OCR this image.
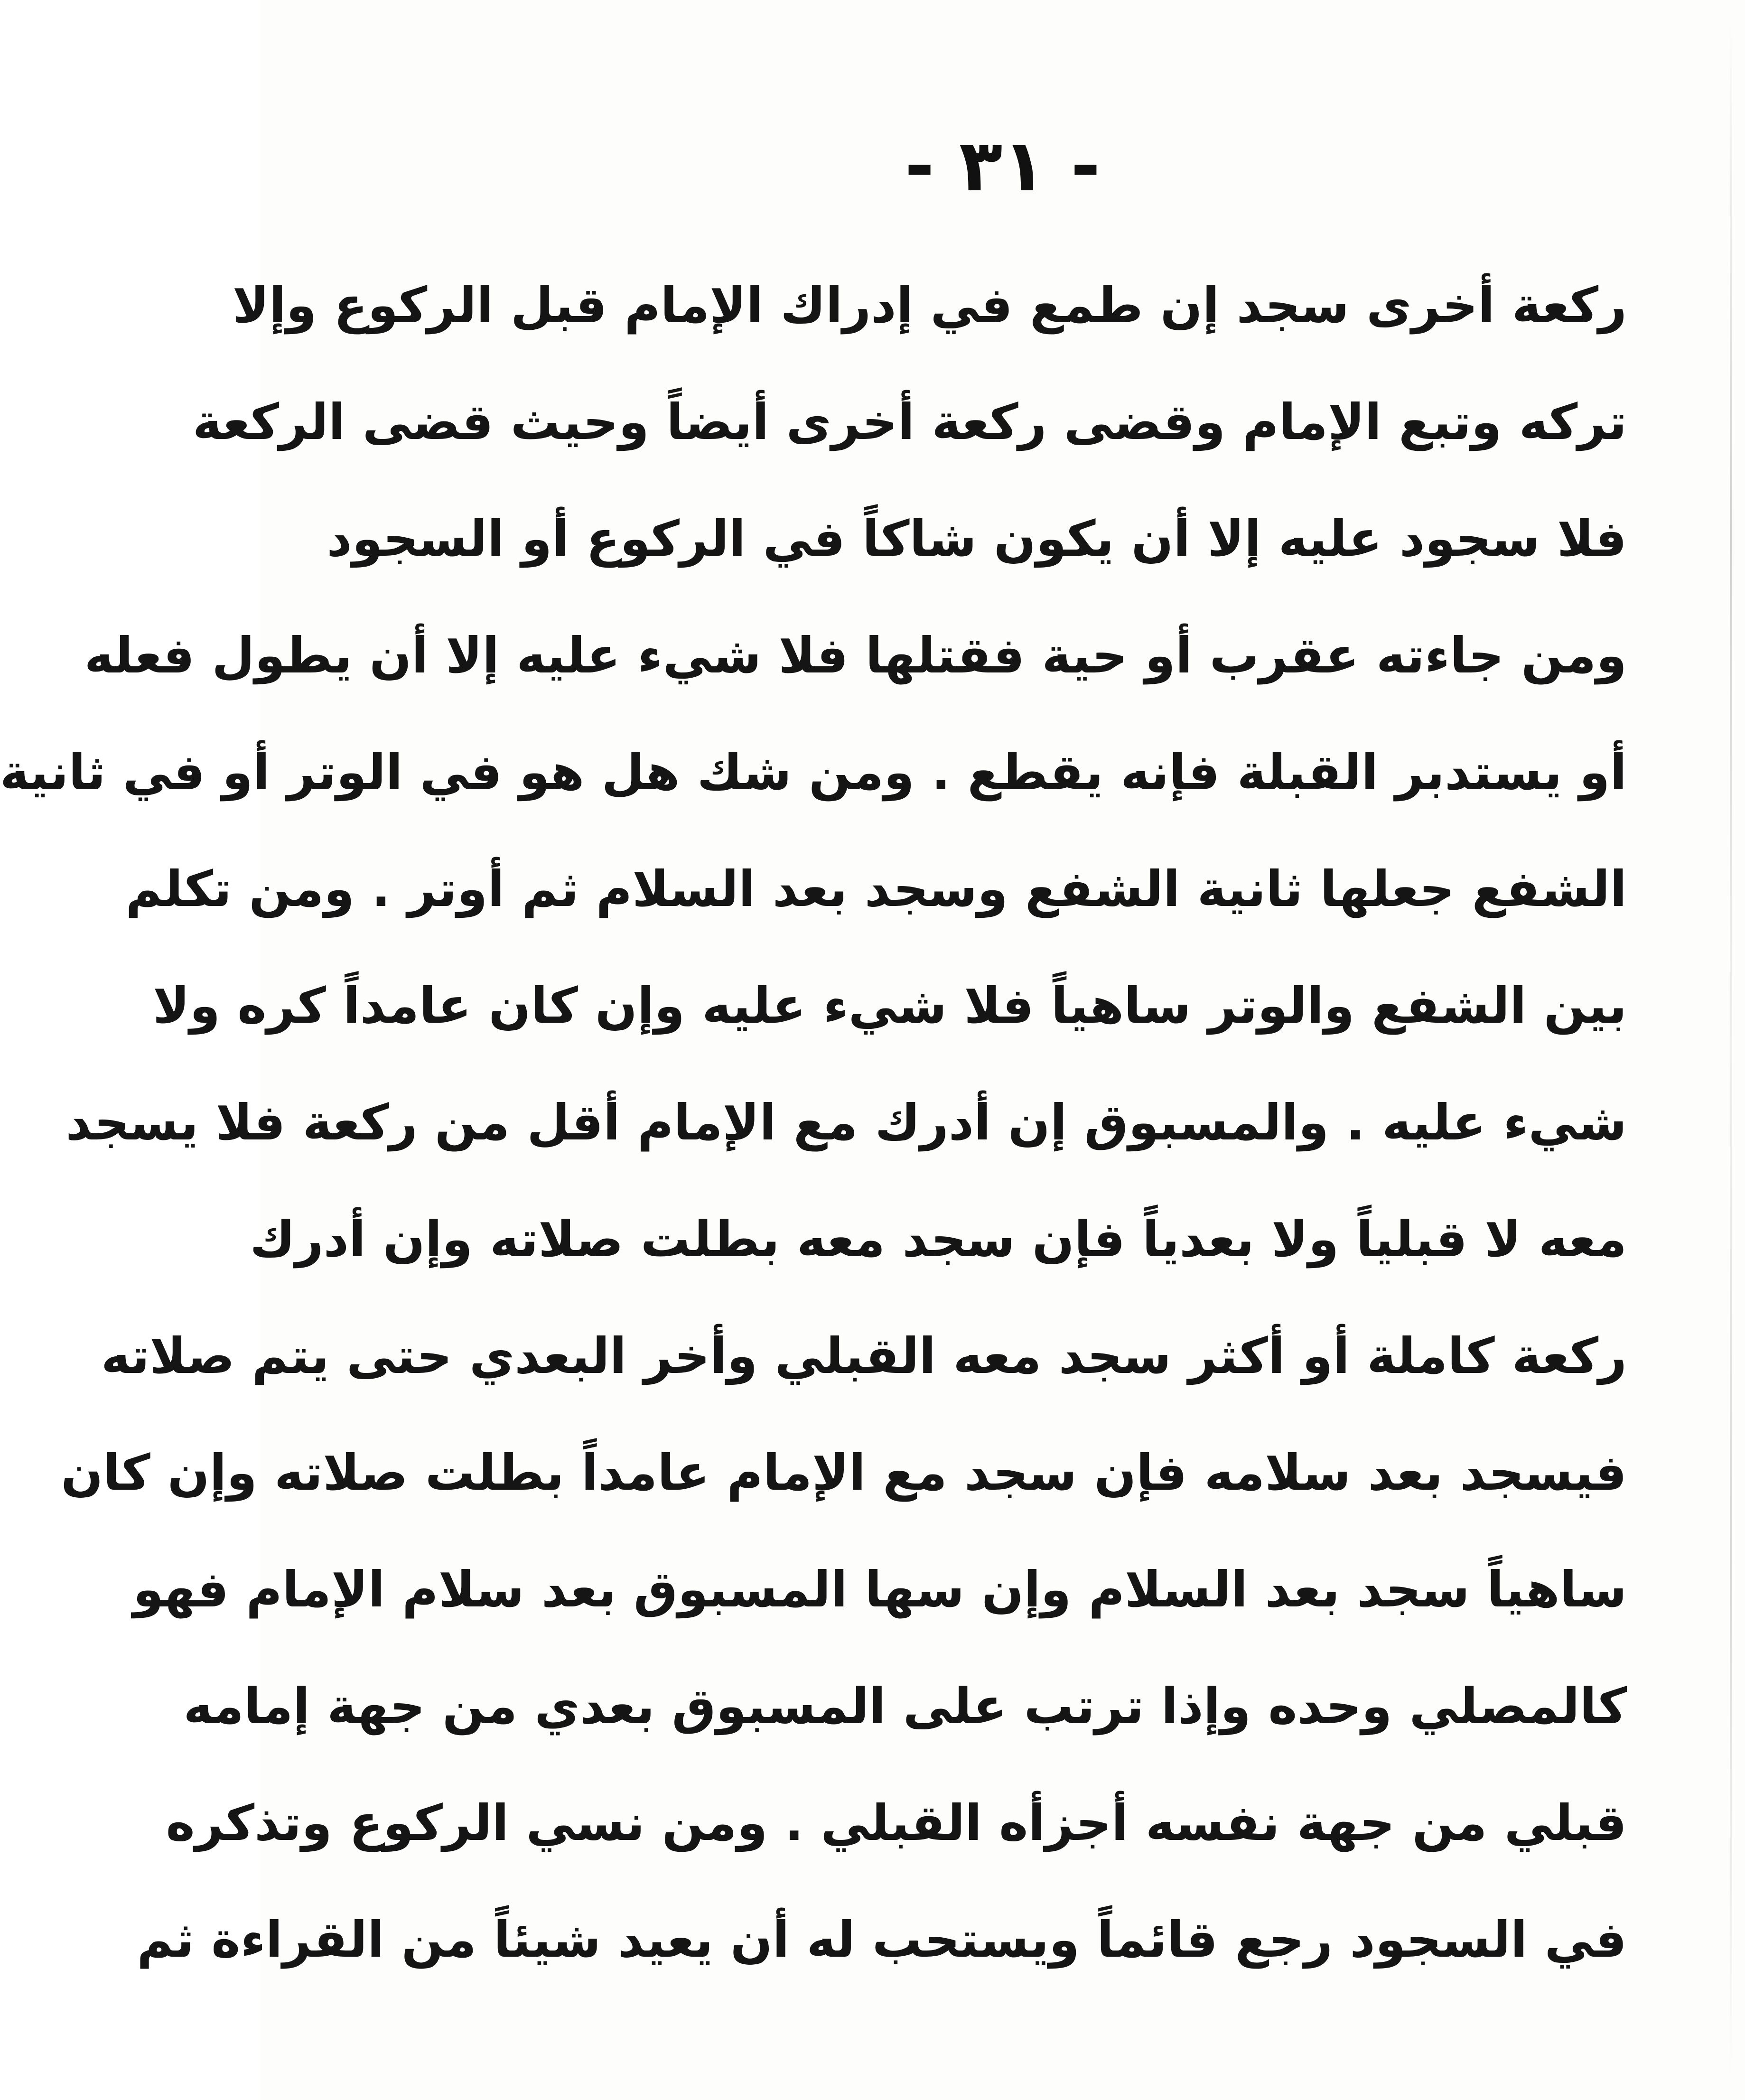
- ٣١ -
ركعة أخرى سجد إن طمع في إدراك الإمام قبل الركوع وإلا
تركه وتبع الإمام وقضى ركعة أخرى أيضاً وحيث قضى الركعة
فلا سجود عليه إلا أن يكون شاكاً في الركوع أو السجود
ومن جاءته عقرب أو حية فقتلها فلا شيء عليه إلا أن يطول فعله
أو يستدبر القبلة فإنه يقطع . ومن شك هل هو في الوتر أو في ثانية
الشفع جعلها ثانية الشفع وسجد بعد السلام ثم أوتر . ومن تكلم
بين الشفع والوتر ساهياً فلا شيء عليه وإن كان عامداً كره ولا
شيء عليه . والمسبوق إن أدرك مع الإمام أقل من ركعة فلا يسجد
معه لا قبلياً ولا بعدياً فإن سجد معه بطلت صلاته وإن أدرك
ركعة كاملة أو أكثر سجد معه القبلي وأخر البعدي حتى يتم صلاته
فيسجد بعد سلامه فإن سجد مع الإمام عامداً بطلت صلاته وإن كان
ساهياً سجد بعد السلام وإن سها المسبوق بعد سلام الإمام فهو
كالمصلي وحده وإذا ترتب على المسبوق بعدي من جهة إمامه
قبلي من جهة نفسه أجزأه القبلي . ومن نسي الركوع وتذكره
في السجود رجع قائماً ويستحب له أن يعيد شيئاً من القراءة ثم
